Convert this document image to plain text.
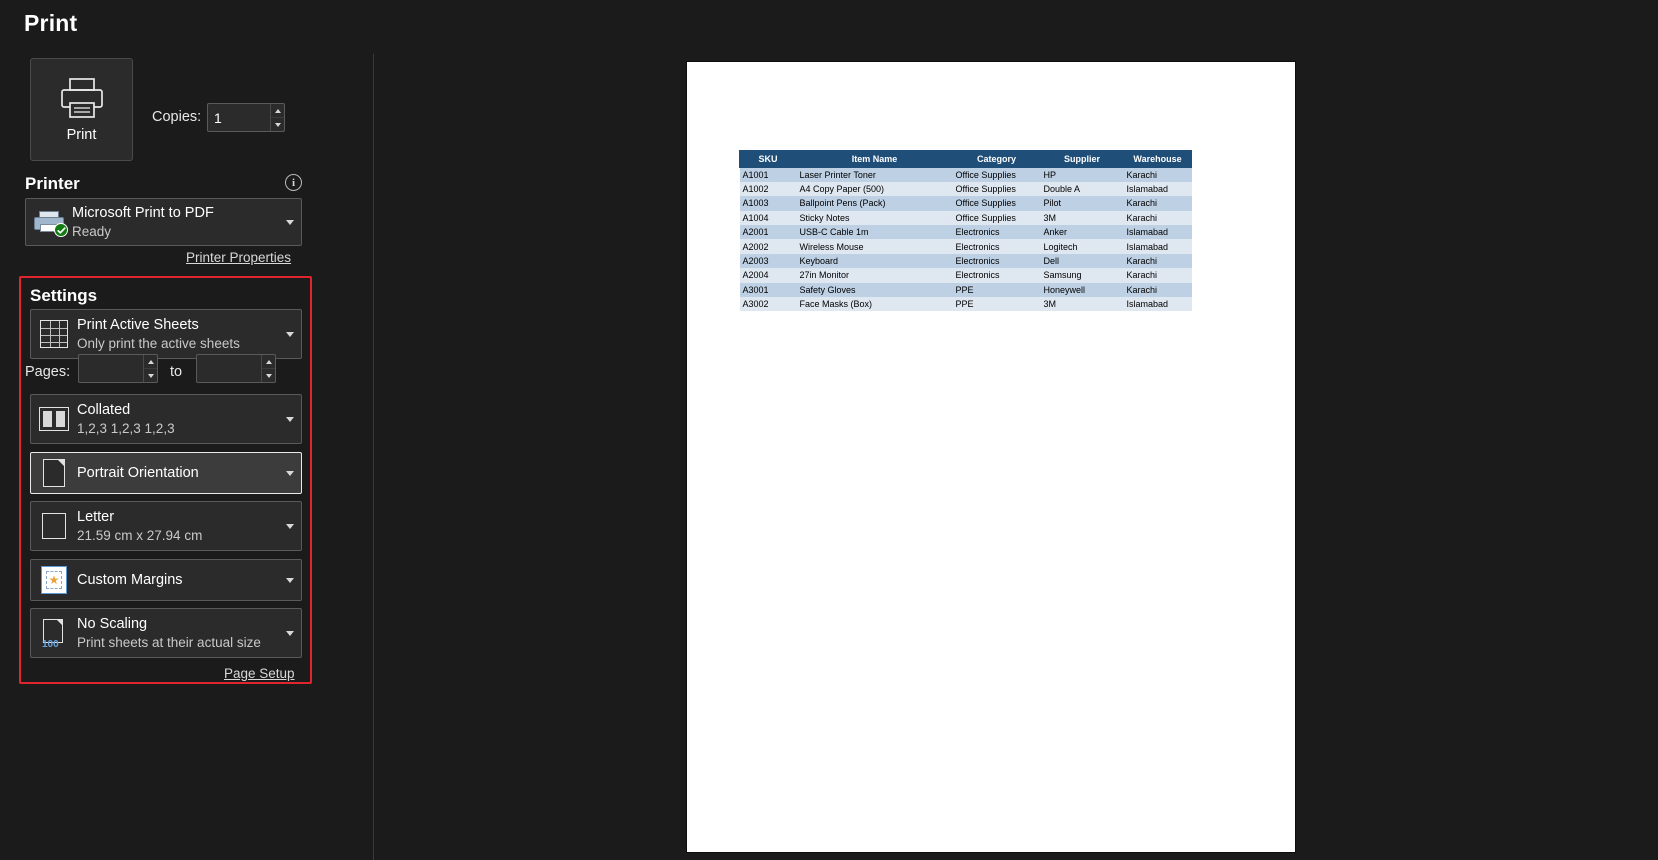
Print
Print
Copies:
1
Printer	i
Microsoft Print to PDF
Ready
Printer Properties
Settings
Print Active Sheets
Only print the active sheets
Pages:	to
Collated
1,2,3 1,2,3 1,2,3
Portrait Orientation
Letter
21.59 cm x 27.94 cm
★ Custom Margins
100
No Scaling
Print sheets at their actual size
Page Setup
SKU	Item Name	Category	Supplier	Warehouse
A1001	Laser Printer Toner	Office Supplies	HP	Karachi
A1002	A4 Copy Paper (500)	Office Supplies	Double A	Islamabad
A1003	Ballpoint Pens (Pack)	Office Supplies	Pilot	Karachi
A1004	Sticky Notes	Office Supplies	3M	Karachi
A2001	USB-C Cable 1m	Electronics	Anker	Islamabad
A2002	Wireless Mouse	Electronics	Logitech	Islamabad
A2003	Keyboard	Electronics	Dell	Karachi
A2004	27in Monitor	Electronics	Samsung	Karachi
A3001	Safety Gloves	PPE	Honeywell	Karachi
A3002	Face Masks (Box)	PPE	3M	Islamabad
